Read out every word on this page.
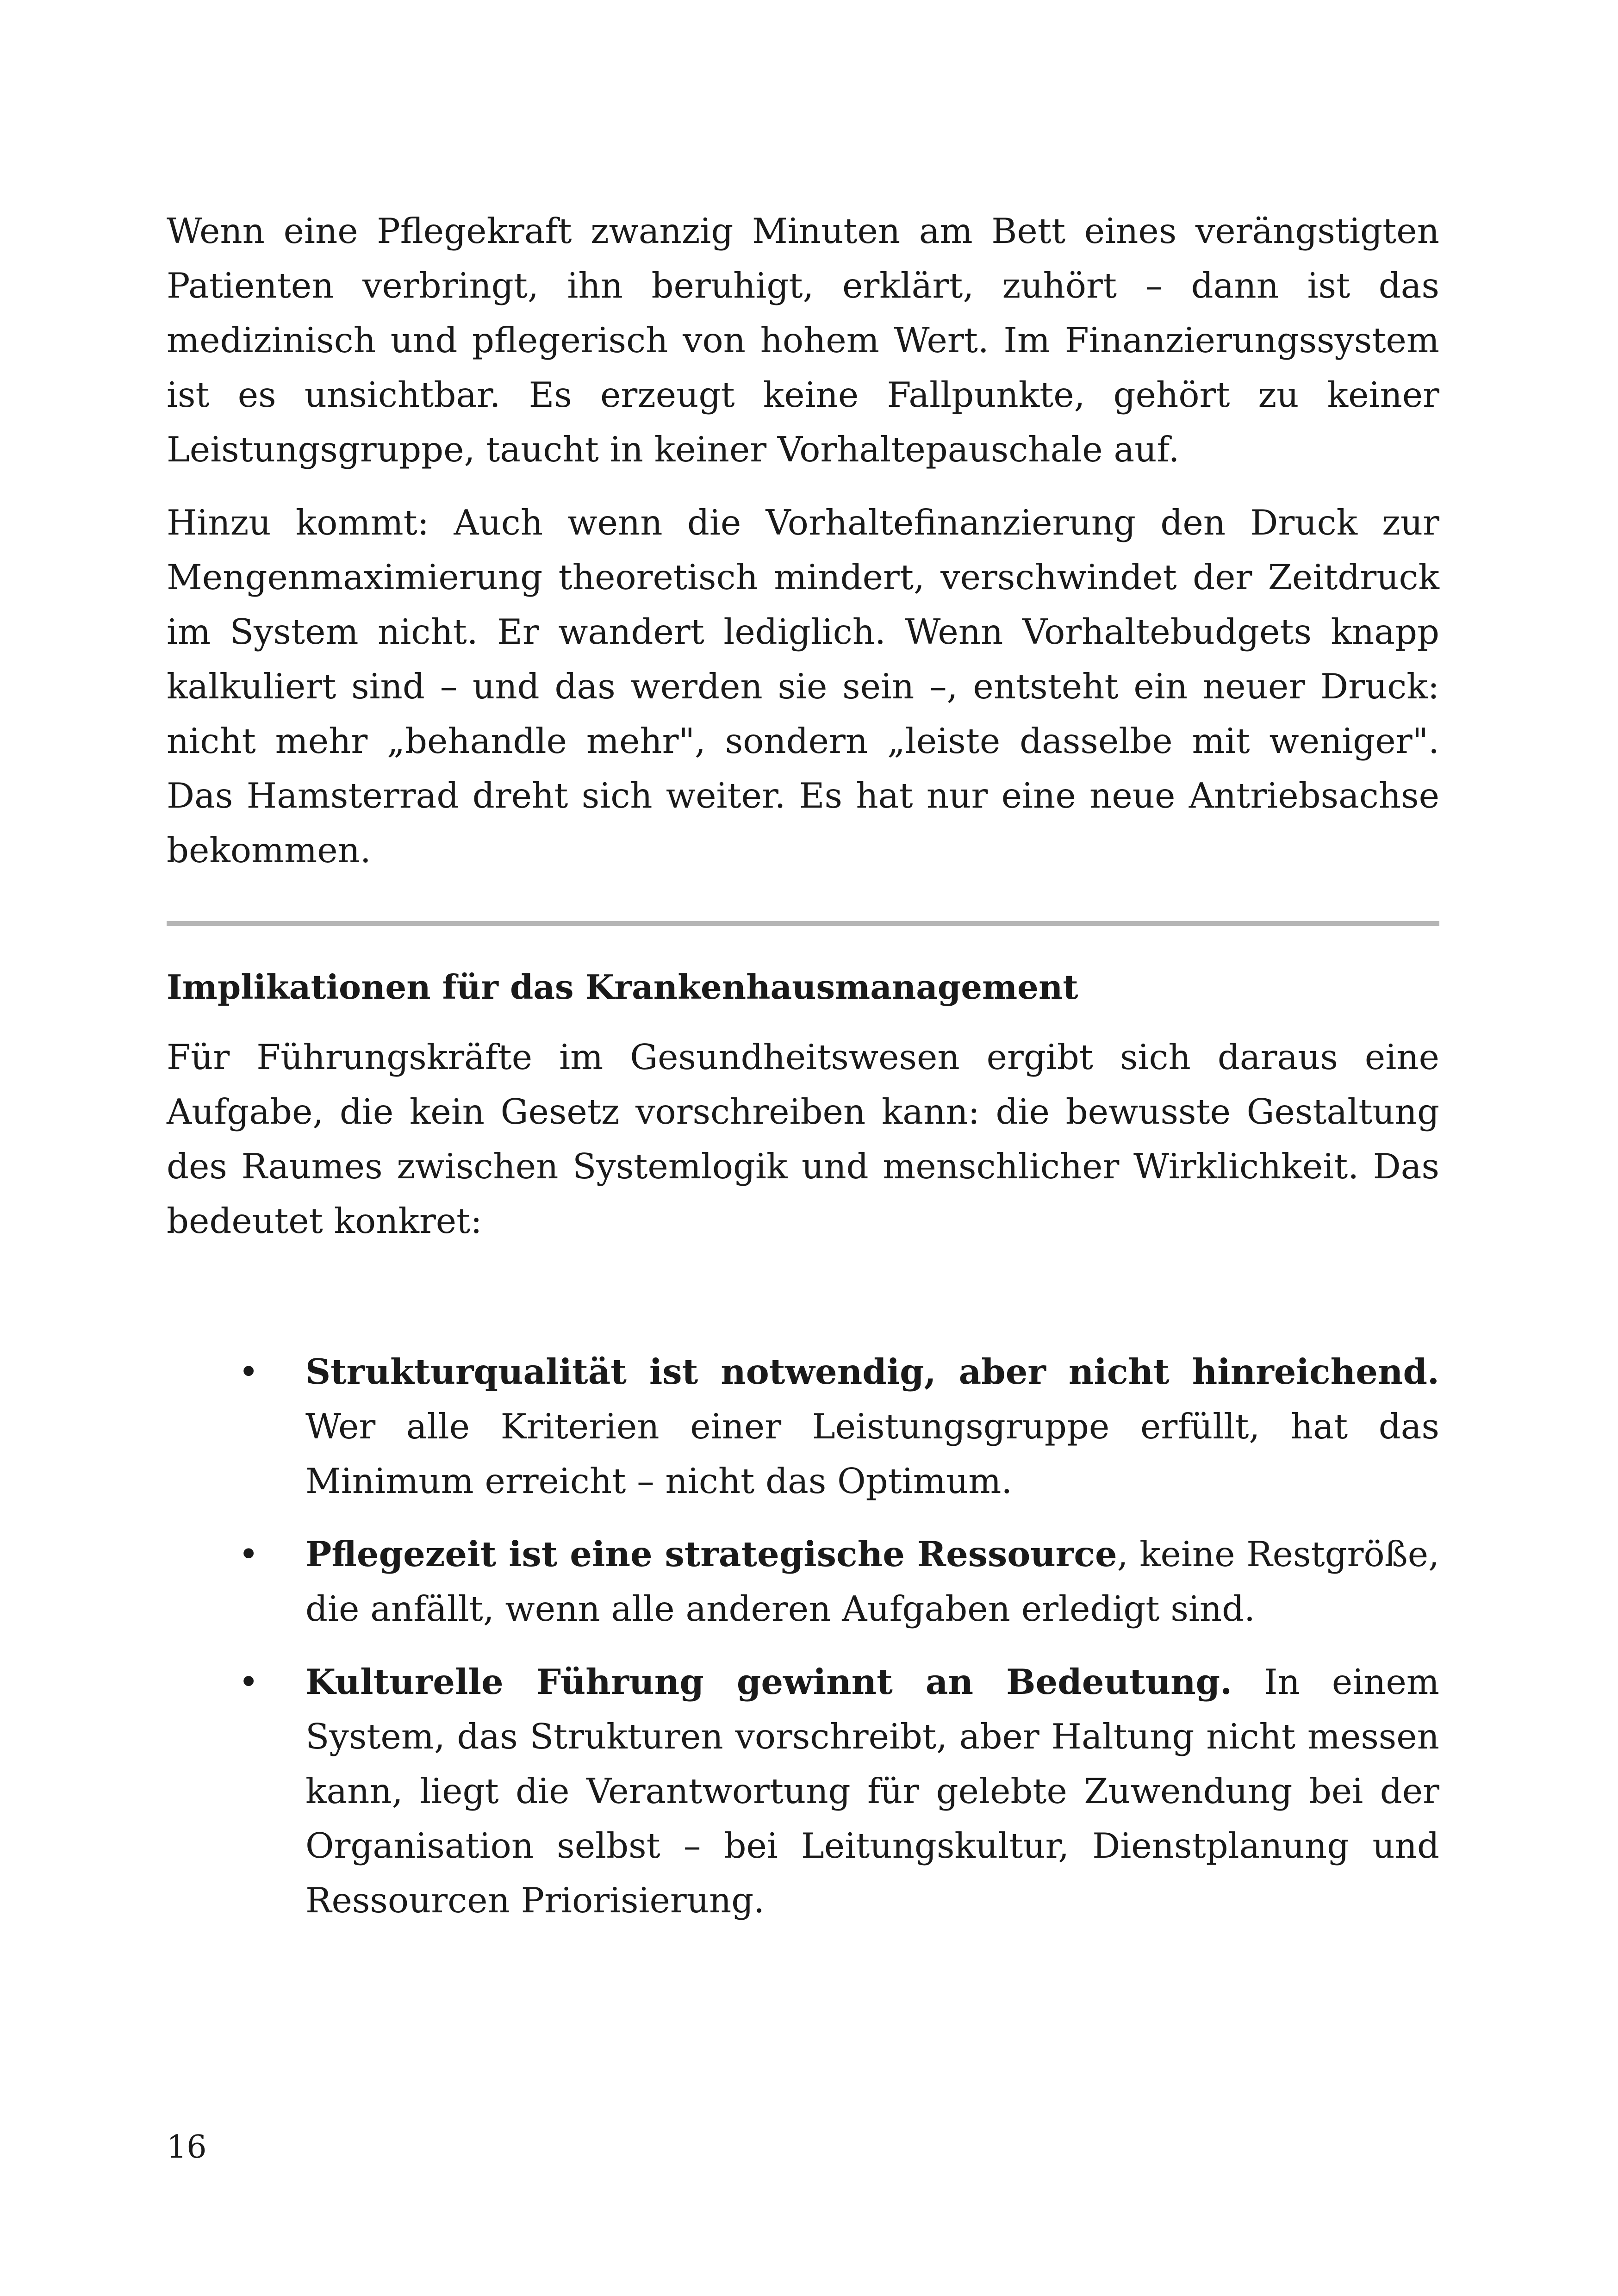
Wenn eine Pflegekraft zwanzig Minuten am Bett eines verängstigten Patienten verbringt, ihn beruhigt, erklärt, zuhört – dann ist das medizinisch und pflegerisch von hohem Wert. Im Finanzierungssystem ist es unsichtbar. Es erzeugt keine Fallpunkte, gehört zu keiner Leistungsgruppe, taucht in keiner Vorhaltepauschale auf.

Hinzu kommt: Auch wenn die Vorhaltefinanzierung den Druck zur Mengenmaximierung theoretisch mindert, verschwindet der Zeitdruck im System nicht. Er wandert lediglich. Wenn Vorhaltebudgets knapp kalkuliert sind – und das werden sie sein –, entsteht ein neuer Druck: nicht mehr „behandle mehr", sondern „leiste dasselbe mit weniger". Das Hamsterrad dreht sich weiter. Es hat nur eine neue Antriebsachse bekommen.

Implikationen für das Krankenhausmanagement

Für Führungskräfte im Gesundheitswesen ergibt sich daraus eine Aufgabe, die kein Gesetz vorschreiben kann: die bewusste Gestaltung des Raumes zwischen Systemlogik und menschlicher Wirklichkeit. Das bedeutet konkret:

• Strukturqualität ist notwendig, aber nicht hinreichend. Wer alle Kriterien einer Leistungsgruppe erfüllt, hat das Minimum erreicht – nicht das Optimum.
• Pflegezeit ist eine strategische Ressource, keine Restgröße, die anfällt, wenn alle anderen Aufgaben erledigt sind.
• Kulturelle Führung gewinnt an Bedeutung. In einem System, das Strukturen vorschreibt, aber Haltung nicht messen kann, liegt die Verantwortung für gelebte Zuwendung bei der Organisation selbst – bei Leitungskultur, Dienstplanung und Ressourcen Priorisierung.

16
